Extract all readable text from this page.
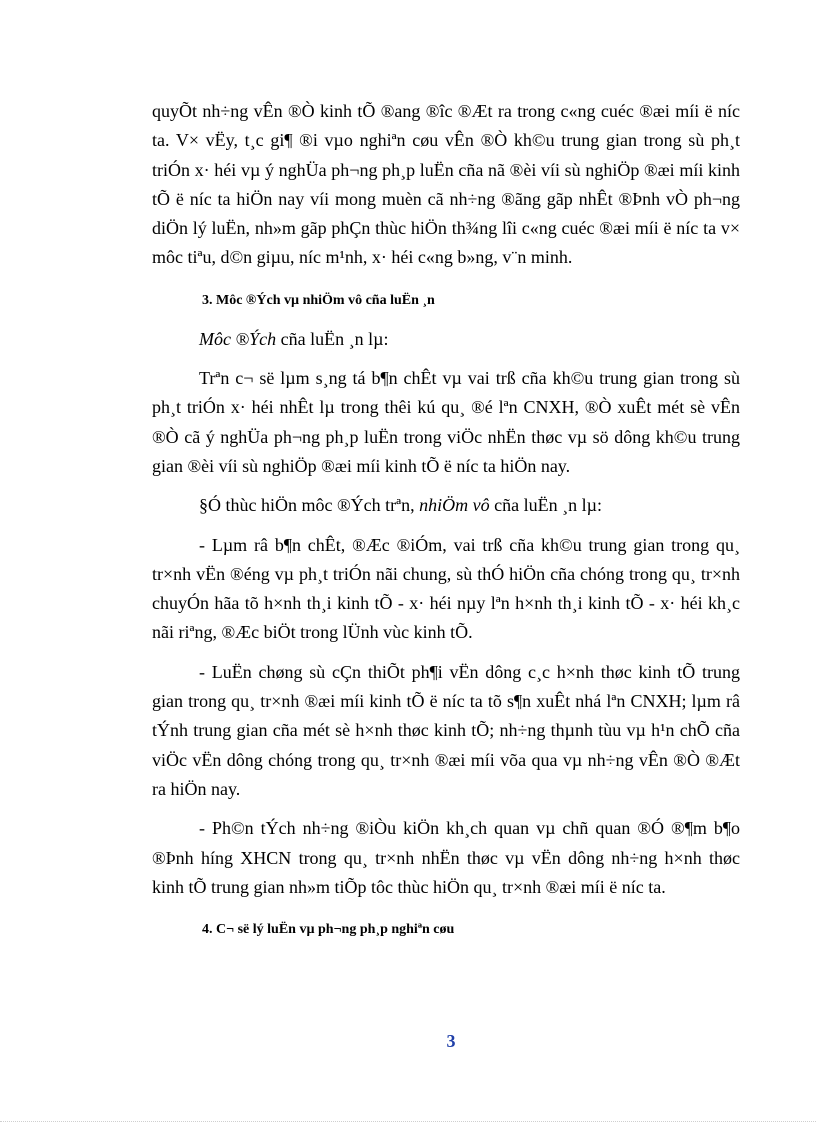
quyÕt nh÷ng vÊn ®Ò kinh tÕ ®ang ®îc ®Æt ra trong c«ng cuéc ®æi míi ë níc ta. V× vËy, t¸c gi¶ ®i vµo nghiªn cøu vÊn ®Ò kh©u trung gian trong sù ph¸t triÓn x· héi vµ ý nghÜa ph¬ng ph¸p luËn cña nã ®èi víi sù nghiÖp ®æi míi kinh tÕ ë níc ta hiÖn nay víi mong muèn cã nh÷ng ®ãng gãp nhÊt ®Þnh vÒ ph¬ng diÖn lý luËn, nh»m gãp phÇn thùc hiÖn th¾ng lîi c«ng cuéc ®æi míi ë níc ta v× môc tiªu, d©n giµu, níc m¹nh, x· héi c«ng b»ng, v¨n minh.

3. Môc ®Ých vµ nhiÖm vô cña luËn ¸n

Môc ®Ých cña luËn ¸n lµ:

Trªn c¬ së lµm s¸ng tá b¶n chÊt vµ vai trß cña kh©u trung gian trong sù ph¸t triÓn x· héi nhÊt lµ trong thêi kú qu¸ ®é lªn CNXH, ®Ò xuÊt mét sè vÊn ®Ò cã ý nghÜa ph¬ng ph¸p luËn trong viÖc nhËn thøc vµ sö dông kh©u trung gian ®èi víi sù nghiÖp ®æi míi kinh tÕ ë níc ta hiÖn nay.

§Ó thùc hiÖn môc ®Ých trªn, nhiÖm vô cña luËn ¸n lµ:

- Lµm râ b¶n chÊt, ®Æc ®iÓm, vai trß cña kh©u trung gian trong qu¸ tr×nh vËn ®éng vµ ph¸t triÓn nãi chung, sù thÓ hiÖn cña chóng trong qu¸ tr×nh chuyÓn hãa tõ h×nh th¸i kinh tÕ - x· héi nµy lªn h×nh th¸i kinh tÕ - x· héi kh¸c nãi riªng, ®Æc biÖt trong lÜnh vùc kinh tÕ.

- LuËn chøng sù cÇn thiÕt ph¶i vËn dông c¸c h×nh thøc kinh tÕ trung gian trong qu¸ tr×nh ®æi míi kinh tÕ ë níc ta tõ s¶n xuÊt nhá lªn CNXH; lµm râ tÝnh trung gian cña mét sè h×nh thøc kinh tÕ; nh÷ng thµnh tùu vµ h¹n chÕ cña viÖc vËn dông chóng trong qu¸ tr×nh ®æi míi võa qua vµ nh÷ng vÊn ®Ò ®Æt ra hiÖn nay.

- Ph©n tÝch nh÷ng ®iÒu kiÖn kh¸ch quan vµ chñ quan ®Ó ®¶m b¶o ®Þnh híng XHCN trong qu¸ tr×nh nhËn thøc vµ vËn dông nh÷ng h×nh thøc kinh tÕ trung gian nh»m tiÕp tôc thùc hiÖn qu¸ tr×nh ®æi míi ë níc ta.

4. C¬ së lý luËn vµ ph¬ng ph¸p nghiªn cøu

3
